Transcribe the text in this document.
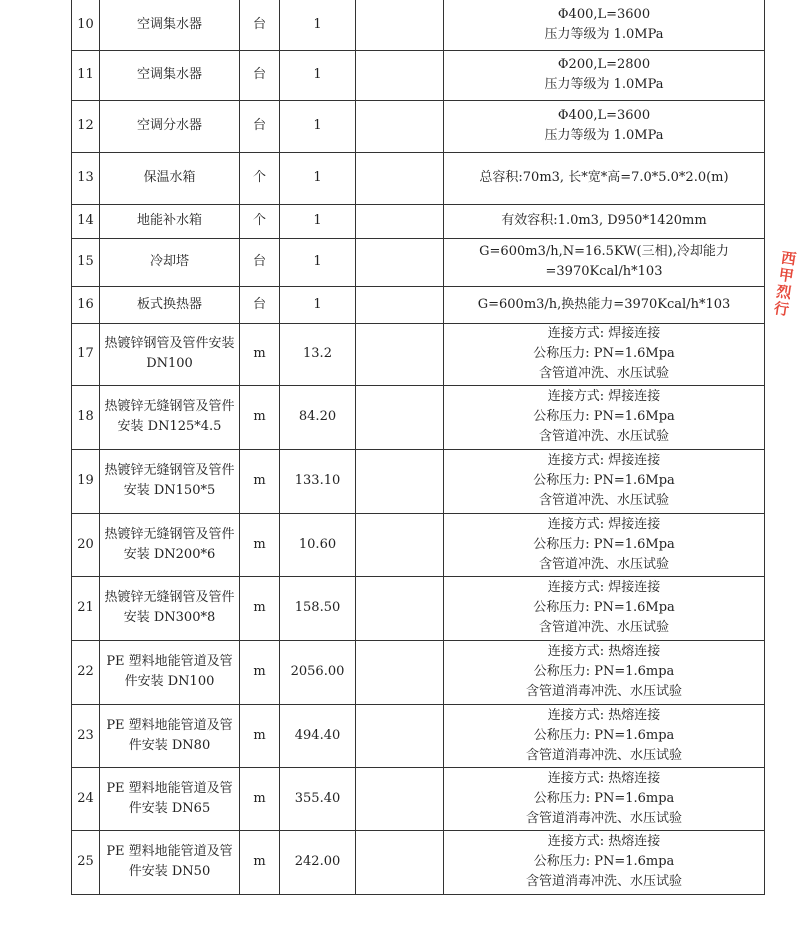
10	空调集水器	台	1		Φ400,L=3600
压力等级为 1.0MPa

11	空调集水器	台	1		Φ200,L=2800
压力等级为 1.0MPa

12	空调分水器	台	1		Φ400,L=3600
压力等级为 1.0MPa

13	保温水箱	个	1		总容积:70m3, 长*宽*高=7.0*5.0*2.0(m)

14	地能补水箱	个	1		有效容积:1.0m3, D950*1420mm

15	冷却塔	台	1		G=600m3/h,N=16.5KW(三相),冷却能力
=3970Kcal/h*103

16	板式换热器	台	1		G=600m3/h,换热能力=3970Kcal/h*103

17	热镀锌钢管及管件安装 DN100	m	13.2		连接方式: 焊接连接
公称压力: PN=1.6Mpa
含管道冲洗、水压试验

18	热镀锌无缝钢管及管件安装 DN125*4.5	m	84.20		连接方式: 焊接连接
公称压力: PN=1.6Mpa
含管道冲洗、水压试验

19	热镀锌无缝钢管及管件安装 DN150*5	m	133.10		连接方式: 焊接连接
公称压力: PN=1.6Mpa
含管道冲洗、水压试验

20	热镀锌无缝钢管及管件安装 DN200*6	m	10.60		连接方式: 焊接连接
公称压力: PN=1.6Mpa
含管道冲洗、水压试验

21	热镀锌无缝钢管及管件安装 DN300*8	m	158.50		连接方式: 焊接连接
公称压力: PN=1.6Mpa
含管道冲洗、水压试验

22	PE 塑料地能管道及管件安装 DN100	m	2056.00		连接方式: 热熔连接
公称压力: PN=1.6mpa
含管道消毒冲洗、水压试验

23	PE 塑料地能管道及管件安装 DN80	m	494.40		连接方式: 热熔连接
公称压力: PN=1.6mpa
含管道消毒冲洗、水压试验

24	PE 塑料地能管道及管件安装 DN65	m	355.40		连接方式: 热熔连接
公称压力: PN=1.6mpa
含管道消毒冲洗、水压试验

25	PE 塑料地能管道及管件安装 DN50	m	242.00		连接方式: 热熔连接
公称压力: PN=1.6mpa
含管道消毒冲洗、水压试验
西
甲
烈
行
